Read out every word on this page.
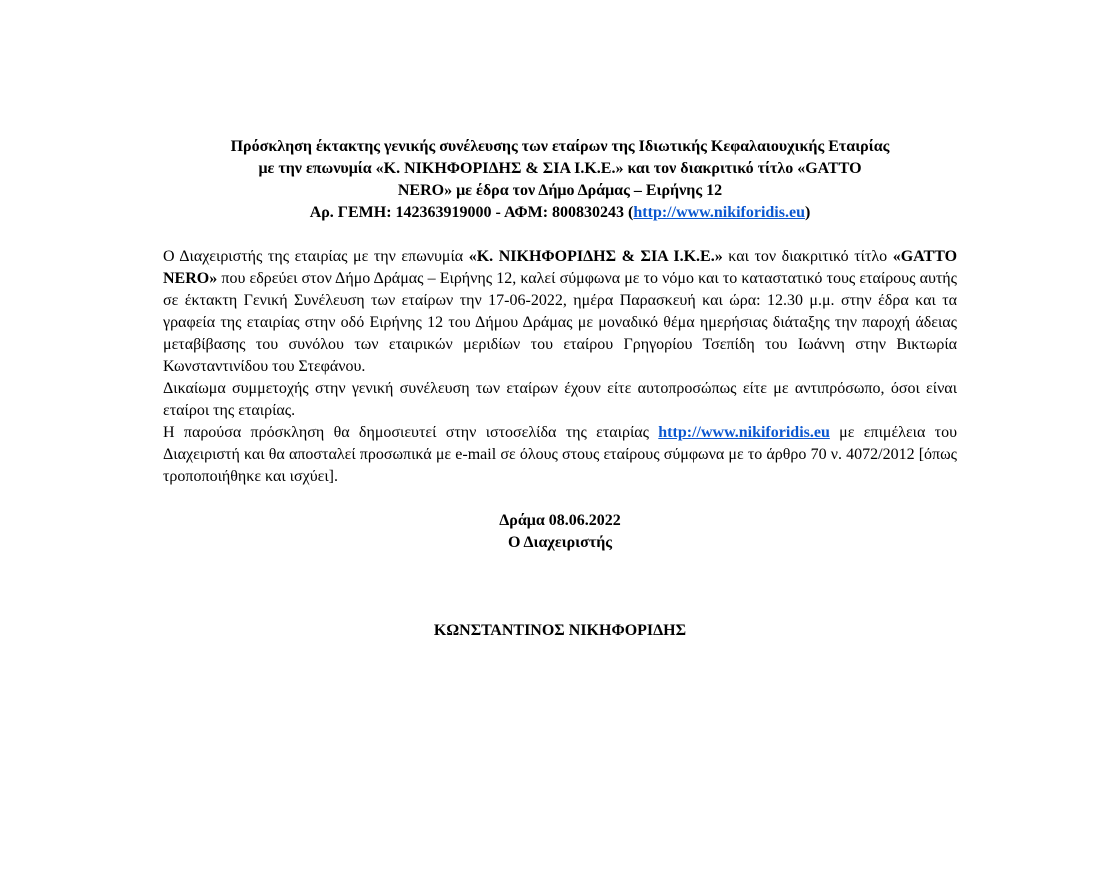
Πρόσκληση έκτακτης γενικής συνέλευσης των εταίρων της Ιδιωτικής Κεφαλαιουχικής Εταιρίας
με την επωνυμία «Κ. ΝΙΚΗΦΟΡΙΔΗΣ & ΣΙΑ Ι.Κ.Ε.» και τον διακριτικό τίτλο «GATTO
NERO» με έδρα τον Δήμο Δράμας – Ειρήνης 12
Αρ. ΓΕΜΗ: 142363919000 - ΑΦΜ: 800830243 (http://www.nikiforidis.eu)
Ο Διαχειριστής της εταιρίας με την επωνυμία «Κ. ΝΙΚΗΦΟΡΙΔΗΣ & ΣΙΑ Ι.Κ.Ε.» και τον διακριτικό τίτλο «GATTO NERO» που εδρεύει στον Δήμο Δράμας – Ειρήνης 12, καλεί σύμφωνα με το νόμο και το καταστατικό τους εταίρους αυτής σε έκτακτη Γενική Συνέλευση των εταίρων την 17-06-2022, ημέρα Παρασκευή και ώρα: 12.30 μ.μ. στην έδρα και τα γραφεία της εταιρίας στην οδό Ειρήνης 12 του Δήμου Δράμας με μοναδικό θέμα ημερήσιας διάταξης την παροχή άδειας μεταβίβασης του συνόλου των εταιρικών μεριδίων του εταίρου Γρηγορίου Τσεπίδη του Ιωάννη στην Βικτωρία Κωνσταντινίδου του Στεφάνου.
Δικαίωμα συμμετοχής στην γενική συνέλευση των εταίρων έχουν είτε αυτοπροσώπως είτε με αντιπρόσωπο, όσοι είναι εταίροι της εταιρίας.
Η παρούσα πρόσκληση θα δημοσιευτεί στην ιστοσελίδα της εταιρίας http://www.nikiforidis.eu με επιμέλεια του Διαχειριστή και θα αποσταλεί προσωπικά με e-mail σε όλους στους εταίρους σύμφωνα με το άρθρο 70 ν. 4072/2012 [όπως τροποποιήθηκε και ισχύει].
Δράμα 08.06.2022
Ο Διαχειριστής
ΚΩΝΣΤΑΝΤΙΝΟΣ ΝΙΚΗΦΟΡΙΔΗΣ
